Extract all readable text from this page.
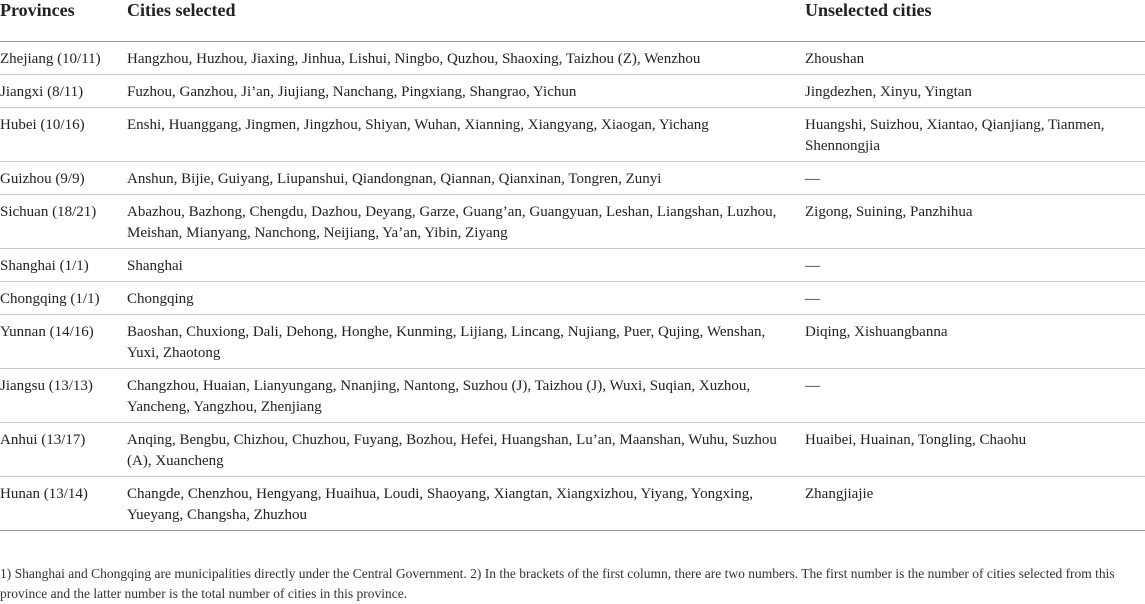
Provinces	Cities selected	Unselected cities
Zhejiang (10/11)	Hangzhou, Huzhou, Jiaxing, Jinhua, Lishui, Ningbo, Quzhou, Shaoxing, Taizhou (Z), Wenzhou	Zhoushan
Jiangxi (8/11)	Fuzhou, Ganzhou, Ji’an, Jiujiang, Nanchang, Pingxiang, Shangrao, Yichun	Jingdezhen, Xinyu, Yingtan
Hubei (10/16)	Enshi, Huanggang, Jingmen, Jingzhou, Shiyan, Wuhan, Xianning, Xiangyang, Xiaogan, Yichang	Huangshi, Suizhou, Xiantao, Qianjiang, Tianmen, Shennongjia
Guizhou (9/9)	Anshun, Bijie, Guiyang, Liupanshui, Qiandongnan, Qiannan, Qianxinan, Tongren, Zunyi	—
Sichuan (18/21)	Abazhou, Bazhong, Chengdu, Dazhou, Deyang, Garze, Guang’an, Guangyuan, Leshan, Liangshan, Luzhou, Meishan, Mianyang, Nanchong, Neijiang, Ya’an, Yibin, Ziyang	Zigong, Suining, Panzhihua
Shanghai (1/1)	Shanghai	—
Chongqing (1/1)	Chongqing	—
Yunnan (14/16)	Baoshan, Chuxiong, Dali, Dehong, Honghe, Kunming, Lijiang, Lincang, Nujiang, Puer, Qujing, Wenshan, Yuxi, Zhaotong	Diqing, Xishuangbanna
Jiangsu (13/13)	Changzhou, Huaian, Lianyungang, Nnanjing, Nantong, Suzhou (J), Taizhou (J), Wuxi, Suqian, Xuzhou, Yancheng, Yangzhou, Zhenjiang	—
Anhui (13/17)	Anqing, Bengbu, Chizhou, Chuzhou, Fuyang, Bozhou, Hefei, Huangshan, Lu’an, Maanshan, Wuhu, Suzhou (A), Xuancheng	Huaibei, Huainan, Tongling, Chaohu
Hunan (13/14)	Changde, Chenzhou, Hengyang, Huaihua, Loudi, Shaoyang, Xiangtan, Xiangxizhou, Yiyang, Yongxing, Yueyang, Changsha, Zhuzhou	Zhangjiajie
1) Shanghai and Chongqing are municipalities directly under the Central Government. 2) In the brackets of the first column, there are two numbers. The first number is the number of cities selected from this province and the latter number is the total number of cities in this province.
